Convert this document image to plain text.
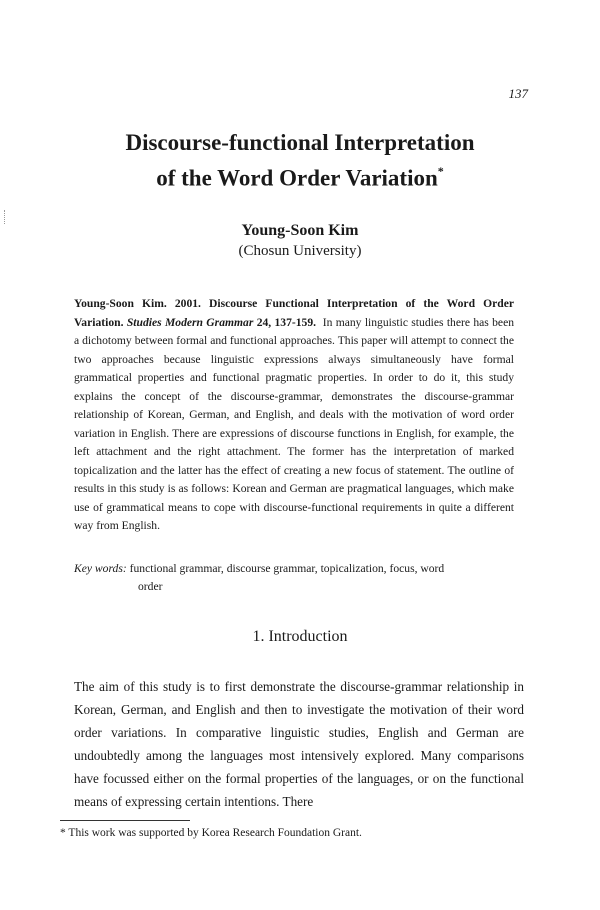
137
Discourse-functional Interpretation
of the Word Order Variation*
Young-Soon Kim
(Chosun University)
Young-Soon Kim. 2001. Discourse Functional Interpretation of the Word Order Variation. Studies Modern Grammar 24, 137-159. In many linguistic studies there has been a dichotomy between formal and functional approaches. This paper will attempt to connect the two approaches because linguistic expressions always simultaneously have formal grammatical properties and functional pragmatic properties. In order to do it, this study explains the concept of the discourse-grammar, demonstrates the discourse-grammar relationship of Korean, German, and English, and deals with the motivation of word order variation in English. There are expressions of discourse functions in English, for example, the left attachment and the right attachment. The former has the interpretation of marked topicalization and the latter has the effect of creating a new focus of statement. The outline of results in this study is as follows: Korean and German are pragmatical languages, which make use of grammatical means to cope with discourse-functional requirements in quite a different way from English.
Key words: functional grammar, discourse grammar, topicalization, focus, word
order
1. Introduction
The aim of this study is to first demonstrate the discourse-grammar relationship in Korean, German, and English and then to investigate the motivation of their word order variations. In comparative linguistic studies, English and German are undoubtedly among the languages most intensively explored. Many comparisons have focussed either on the formal properties of the languages, or on the functional means of expressing certain intentions. There
* This work was supported by Korea Research Foundation Grant.
